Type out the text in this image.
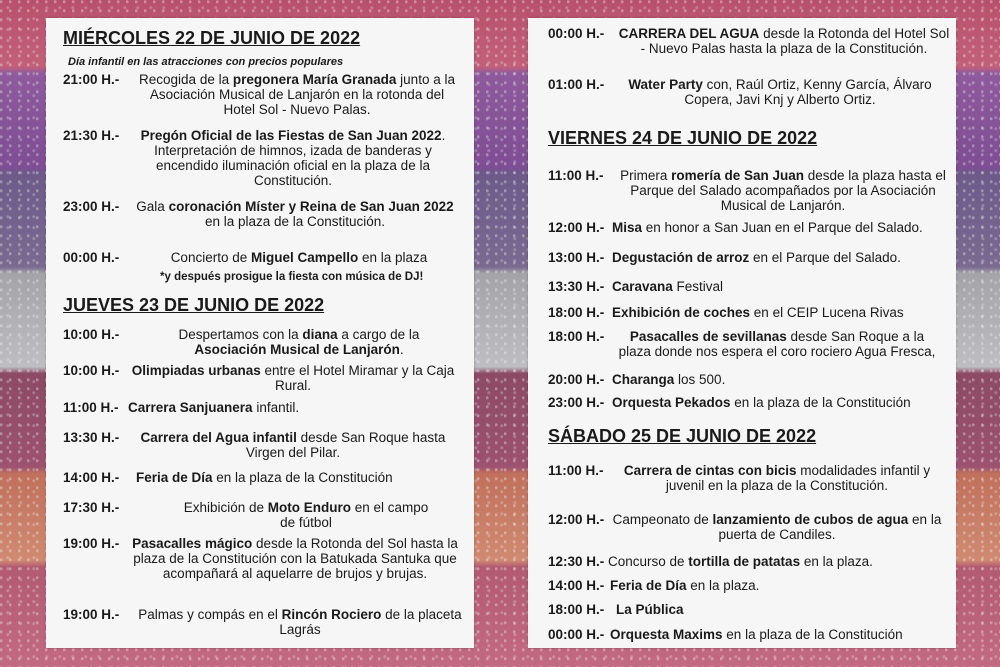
MIÉRCOLES 22 DE JUNIO DE 2022

Día infantil en las atracciones con precios populares

21:00 H.-	Recogida de la pregonera María Granada junto a la Asociación Musical de Lanjarón en la rotonda del Hotel Sol - Nuevo Palas.

21:30 H.-	Pregón Oficial de las Fiestas de San Juan 2022. Interpretación de himnos, izada de banderas y encendido iluminación oficial en la plaza de la Constitución.

23:00 H.-	Gala coronación Míster y Reina de San Juan 2022 en la plaza de la Constitución.

00:00 H.-	Concierto de Miguel Campello en la plaza

*y después prosigue la fiesta con música de DJ!

JUEVES 23 DE JUNIO DE 2022

10:00 H.-	Despertamos con la diana a cargo de la Asociación Musical de Lanjarón.

10:00 H.- Olimpiadas urbanas entre el Hotel Miramar y la Caja Rural.

11:00 H.- Carrera Sanjuanera infantil.

13:30 H.- Carrera del Agua infantil desde San Roque hasta Virgen del Pilar.

14:00 H.- Feria de Día en la plaza de la Constitución

17:30 H.-	Exhibición de Moto Enduro en el campo de fútbol

19:00 H.- Pasacalles mágico desde la Rotonda del Sol hasta la plaza de la Constitución con la Batukada Santuka que acompañará al aquelarre de brujos y brujas.

19:00 H.- Palmas y compás en el Rincón Rociero de la placeta Lagrás

00:00 H.- CARRERA DEL AGUA desde la Rotonda del Hotel Sol - Nuevo Palas hasta la plaza de la Constitución.

01:00 H.-	Water Party con, Raúl Ortiz, Kenny García, Álvaro Copera, Javi Knj y Alberto Ortiz.

VIERNES 24 DE JUNIO DE 2022

11:00 H.- Primera romería de San Juan desde la plaza hasta el Parque del Salado acompañados por la Asociación Musical de Lanjarón.

12:00 H.- Misa en honor a San Juan en el Parque del Salado.

13:00 H.- Degustación de arroz en el Parque del Salado.

13:30 H.- Caravana Festival

18:00 H.- Exhibición de coches en el CEIP Lucena Rivas

18:00 H.-	Pasacalles de sevillanas desde San Roque a la plaza donde nos espera el coro rociero Agua Fresca,

20:00 H.- Charanga los 500.

23:00 H.- Orquesta Pekados en la plaza de la Constitución

SÁBADO 25 DE JUNIO DE 2022

11:00 H.-	Carrera de cintas con bicis modalidades infantil y juvenil en la plaza de la Constitución.

12:00 H.- Campeonato de lanzamiento de cubos de agua en la puerta de Candiles.

12:30 H.- Concurso de tortilla de patatas en la plaza.

14:00 H.- Feria de Día en la plaza.

18:00 H.- La Pública

00:00 H.- Orquesta Maxims en la plaza de la Constitución
